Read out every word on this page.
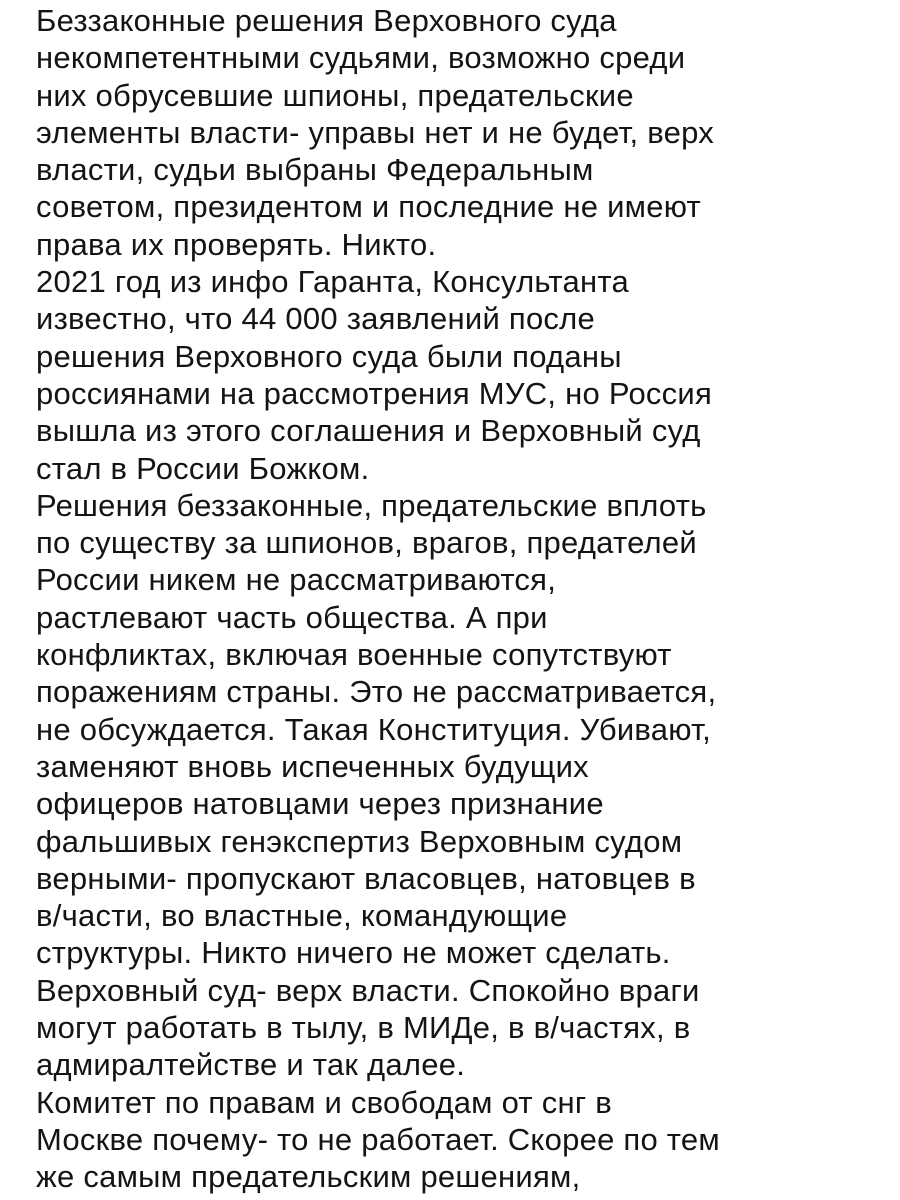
Беззаконные решения Верховного суда
некомпетентными судьями, возможно среди
них обрусевшие шпионы, предательские
элементы власти- управы нет и не будет, верх
власти, судьи выбраны Федеральным
советом, президентом и последние не имеют
права их проверять. Никто.
2021 год из инфо Гаранта, Консультанта
известно, что 44 000 заявлений после
решения Верховного суда были поданы
россиянами на рассмотрения МУС, но Россия
вышла из этого соглашения и Верховный суд
стал в России Божком.
Решения беззаконные, предательские вплоть
по существу за шпионов, врагов, предателей
России никем не рассматриваются,
растлевают часть общества. А при
конфликтах, включая военные сопутствуют
поражениям страны. Это не рассматривается,
не обсуждается. Такая Конституция. Убивают,
заменяют вновь испеченных будущих
офицеров натовцами через признание
фальшивых генэкспертиз Верховным судом
верными- пропускают власовцев, натовцев в
в/части, во властные, командующие
структуры. Никто ничего не может сделать.
Верховный суд- верх власти. Спокойно враги
могут работать в тылу, в МИДе, в в/частях, в
адмиралтействе и так далее.
Комитет по правам и свободам от снг в
Москве почему- то не работает. Скорее по тем
же самым предательским решениям,
